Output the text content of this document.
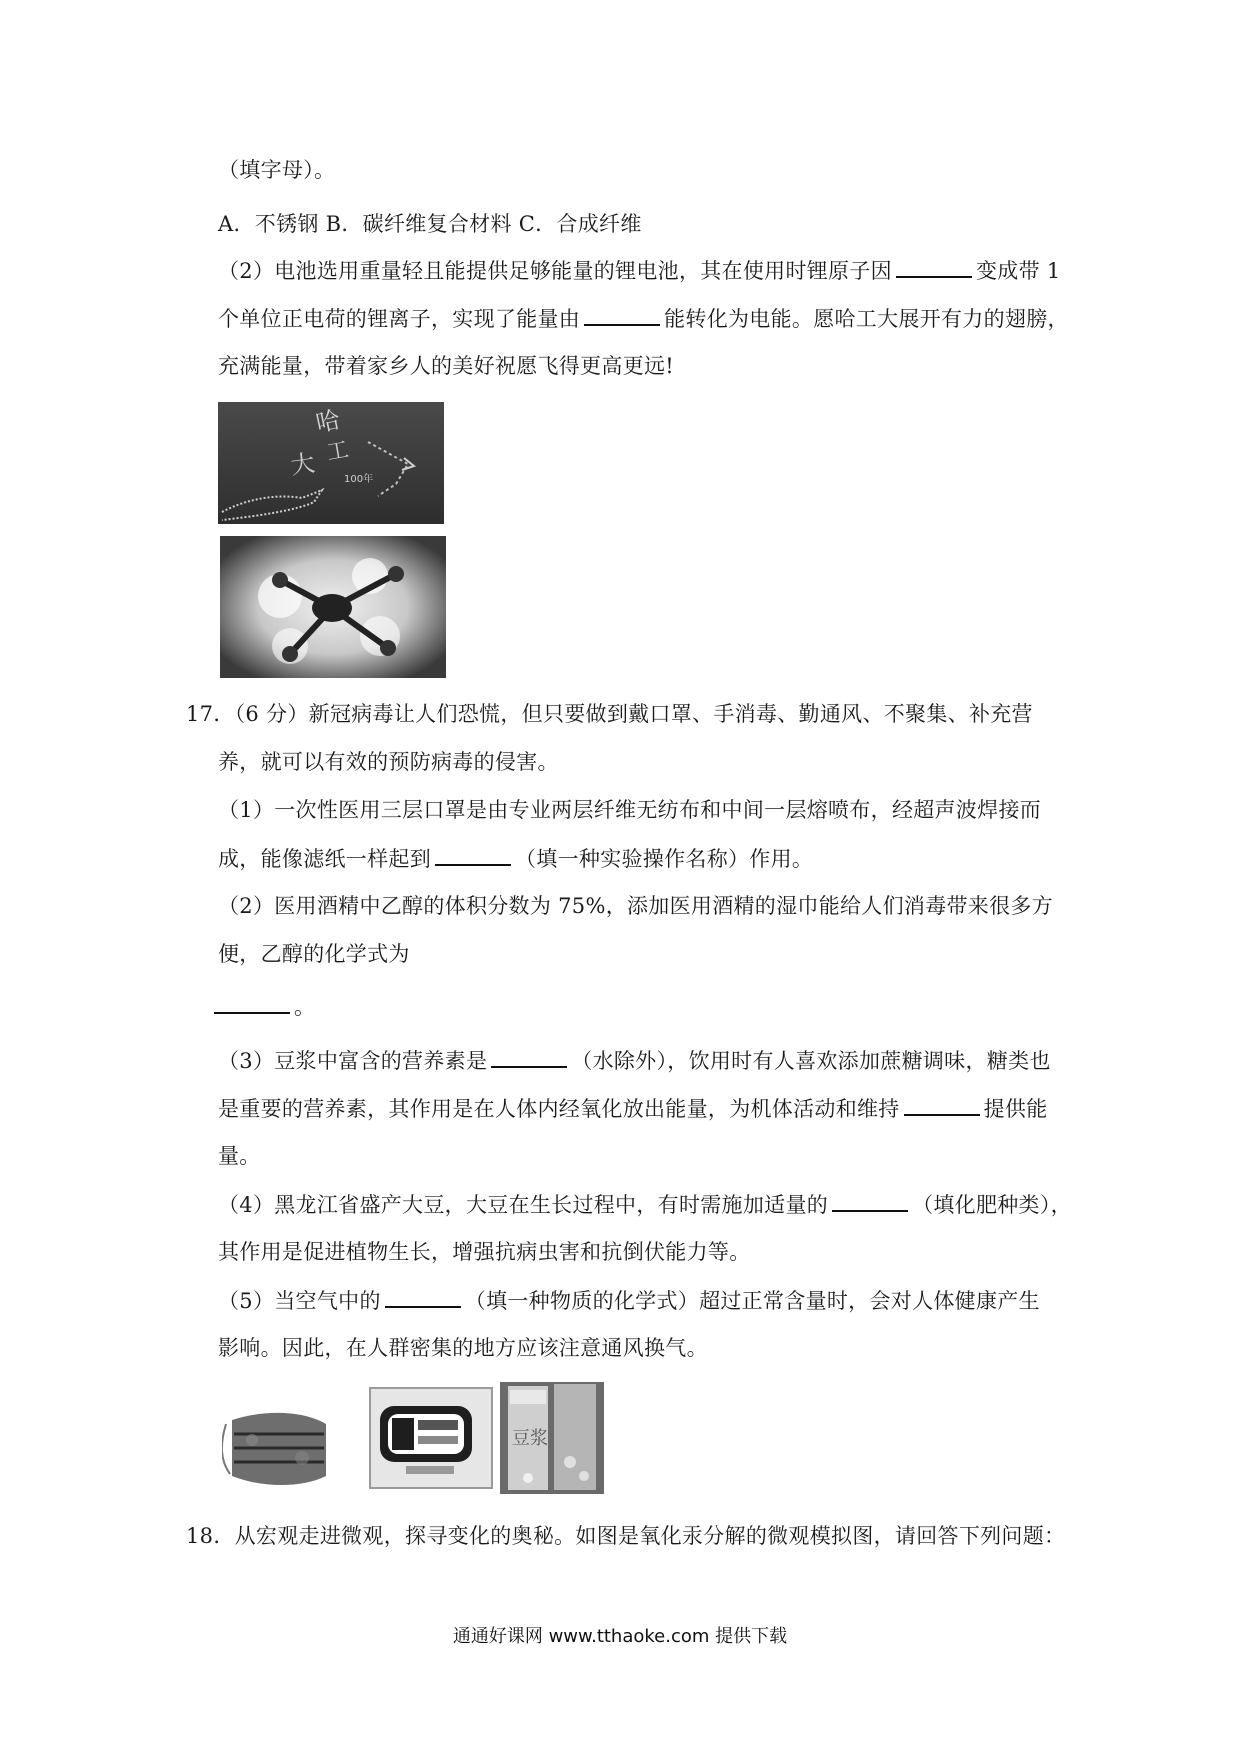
（填字母）。
A．不锈钢 B．碳纤维复合材料 C．合成纤维
（2）电池选用重量轻且能提供足够能量的锂电池，其在使用时锂原子因	变成带 1
个单位正电荷的锂离子，实现了能量由	能转化为电能。愿哈工大展开有力的翅膀，
充满能量，带着家乡人的美好祝愿飞得更高更远!
哈
工
大	100年
17．（6 分）新冠病毒让人们恐慌，但只要做到戴口罩、手消毒、勤通风、不聚集、补充营
养，就可以有效的预防病毒的侵害。
（1）一次性医用三层口罩是由专业两层纤维无纺布和中间一层熔喷布，经超声波焊接而
成，能像滤纸一样起到	（填一种实验操作名称）作用。
（2）医用酒精中乙醇的体积分数为 75%，添加医用酒精的湿巾能给人们消毒带来很多方
便，乙醇的化学式为
。
（3）豆浆中富含的营养素是	（水除外），饮用时有人喜欢添加蔗糖调味，糖类也
是重要的营养素，其作用是在人体内经氧化放出能量，为机体活动和维持	提供能
量。
（4）黑龙江省盛产大豆，大豆在生长过程中，有时需施加适量的	（填化肥种类），
其作用是促进植物生长，增强抗病虫害和抗倒伏能力等。
（5）当空气中的	（填一种物质的化学式）超过正常含量时，会对人体健康产生
影响。因此，在人群密集的地方应该注意通风换气。
豆浆
18．从宏观走进微观，探寻变化的奥秘。如图是氧化汞分解的微观模拟图，请回答下列问题：
通通好课网 www.tthaoke.com 提供下载
